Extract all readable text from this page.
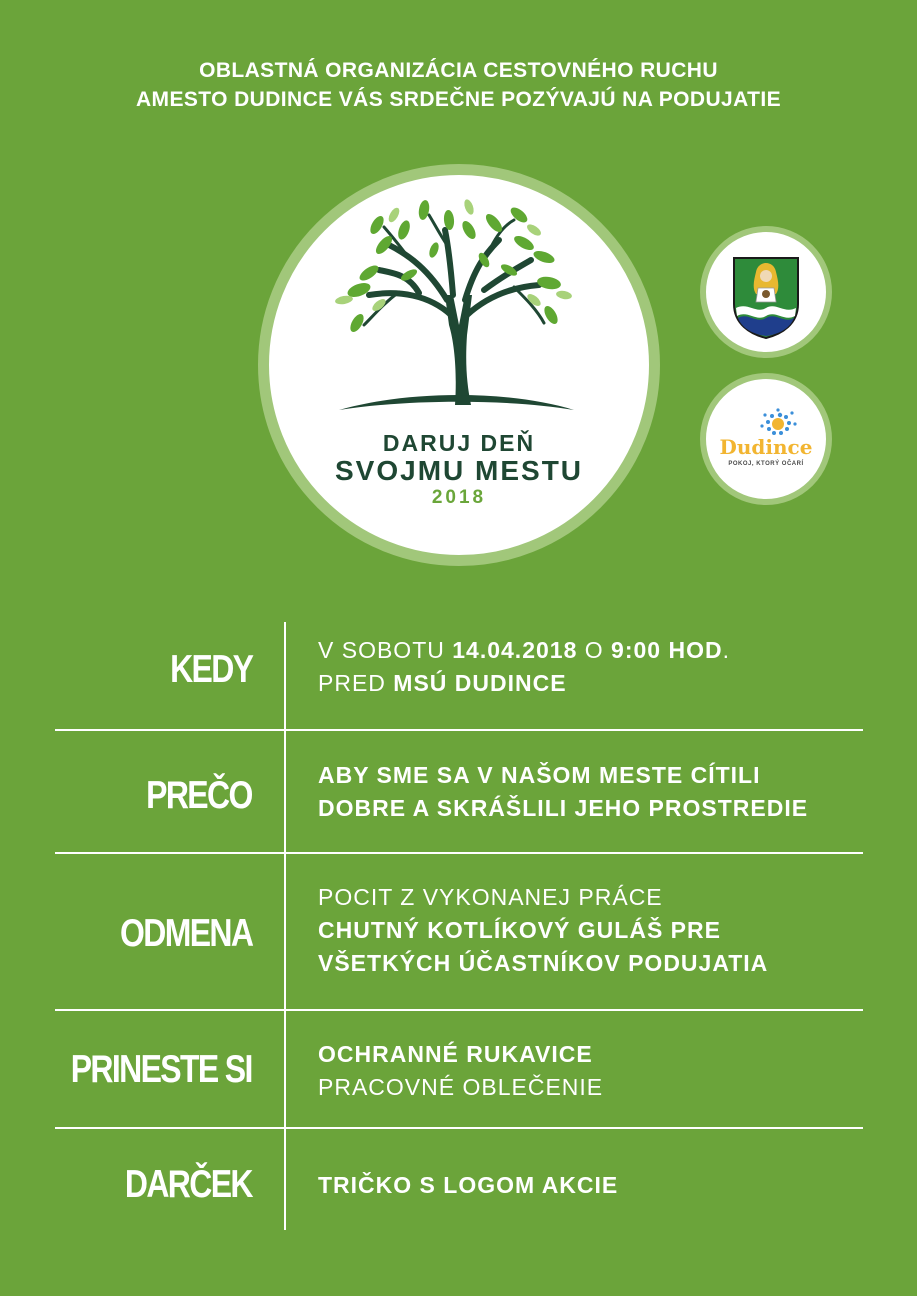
OBLASTNÁ ORGANIZÁCIA CESTOVNÉHO RUCHU
AMESTO DUDINCE VÁS SRDEČNE POZÝVAJÚ NA PODUJATIE
DARUJ DEŇ
SVOJMU MESTU
2018
Dudince
POKOJ, KTORÝ OČARÍ
KEDY	V SOBOTU 14.04.2018 O 9:00 HOD.
PRED MSÚ DUDINCE
PREČO	ABY SME SA V NAŠOM MESTE CÍTILI
DOBRE A SKRÁŠLILI JEHO PROSTREDIE
ODMENA
POCIT Z VYKONANEJ PRÁCE
CHUTNÝ KOTLÍKOVÝ GULÁŠ PRE
VŠETKÝCH ÚČASTNÍKOV PODUJATIA
PRINESTE SI	OCHRANNÉ RUKAVICE
PRACOVNÉ OBLEČENIE
DARČEK	TRIČKO S LOGOM AKCIE
